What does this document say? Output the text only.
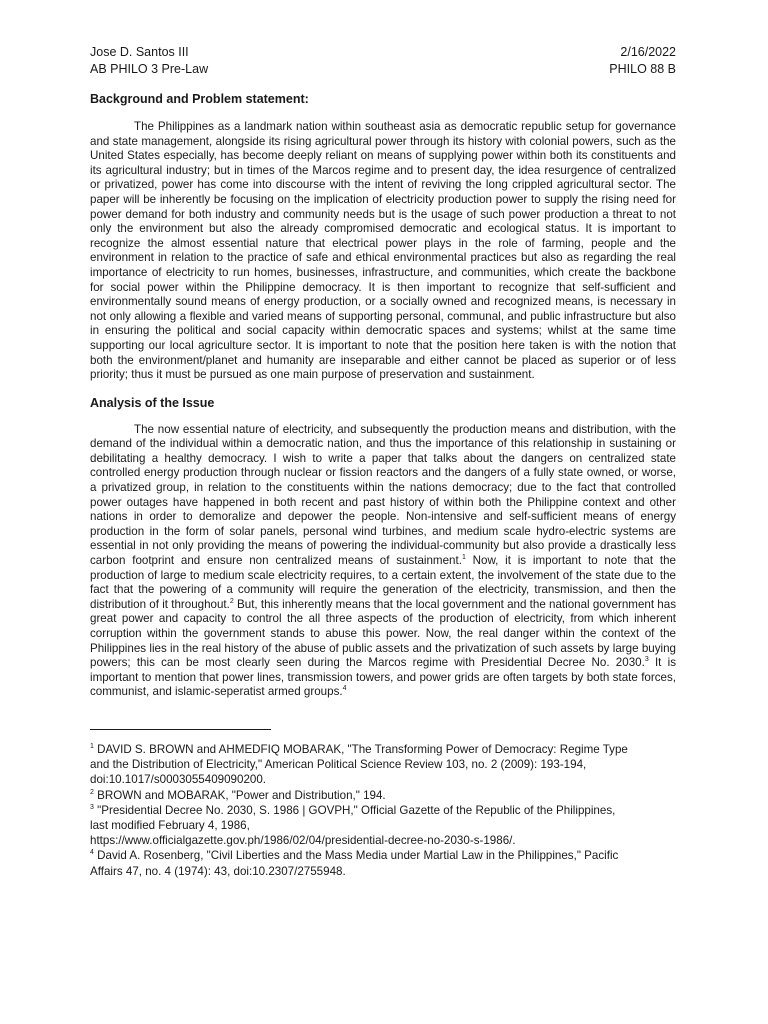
Jose D. Santos III	2/16/2022
AB PHILO 3 Pre-Law	PHILO 88 B

Background and Problem statement:

The Philippines as a landmark nation within southeast asia as democratic republic setup for governance and state management, alongside its rising agricultural power through its history with colonial powers, such as the United States especially, has become deeply reliant on means of supplying power within both its constituents and its agricultural industry; but in times of the Marcos regime and to present day, the idea resurgence of centralized or privatized, power has come into discourse with the intent of reviving the long crippled agricultural sector. The paper will be inherently be focusing on the implication of electricity production power to supply the rising need for power demand for both industry and community needs but is the usage of such power production a threat to not only the environment but also the already compromised democratic and ecological status. It is important to recognize the almost essential nature that electrical power plays in the role of farming, people and the environment in relation to the practice of safe and ethical environmental practices but also as regarding the real importance of electricity to run homes, businesses, infrastructure, and communities, which create the backbone for social power within the Philippine democracy. It is then important to recognize that self-sufficient and environmentally sound means of energy production, or a socially owned and recognized means, is necessary in not only allowing a flexible and varied means of supporting personal, communal, and public infrastructure but also in ensuring the political and social capacity within democratic spaces and systems; whilst at the same time supporting our local agriculture sector. It is important to note that the position here taken is with the notion that both the environment/planet and humanity are inseparable and either cannot be placed as superior or of less priority; thus it must be pursued as one main purpose of preservation and sustainment.

Analysis of the Issue

The now essential nature of electricity, and subsequently the production means and distribution, with the demand of the individual within a democratic nation, and thus the importance of this relationship in sustaining or debilitating a healthy democracy. I wish to write a paper that talks about the dangers on centralized state controlled energy production through nuclear or fission reactors and the dangers of a fully state owned, or worse, a privatized group, in relation to the constituents within the nations democracy; due to the fact that controlled power outages have happened in both recent and past history of within both the Philippine context and other nations in order to demoralize and depower the people. Non-intensive and self-sufficient means of energy production in the form of solar panels, personal wind turbines, and medium scale hydro-electric systems are essential in not only providing the means of powering the individual-community but also provide a drastically less carbon footprint and ensure non centralized means of sustainment.$^1$ Now, it is important to note that the production of large to medium scale electricity requires, to a certain extent, the involvement of the state due to the fact that the powering of a community will require the generation of the electricity, transmission, and then the distribution of it throughout.$^2$ But, this inherently means that the local government and the national government has great power and capacity to control the all three aspects of the production of electricity, from which inherent corruption within the government stands to abuse this power. Now, the real danger within the context of the Philippines lies in the real history of the abuse of public assets and the privatization of such assets by large buying powers; this can be most clearly seen during the Marcos regime with Presidential Decree No. 2030.$^3$ It is important to mention that power lines, transmission towers, and power grids are often targets by both state forces, communist, and islamic-seperatist armed groups.$^4$

$^1$ DAVID S. BROWN and AHMEDFIQ MOBARAK, "The Transforming Power of Democracy: Regime Type
and the Distribution of Electricity," American Political Science Review 103, no. 2 (2009): 193-194,
doi:10.1017/s0003055409090200.
$^2$ BROWN and MOBARAK, "Power and Distribution," 194.
$^3$ "Presidential Decree No. 2030, S. 1986 | GOVPH," Official Gazette of the Republic of the Philippines,
last modified February 4, 1986,
https://www.officialgazette.gov.ph/1986/02/04/presidential-decree-no-2030-s-1986/.
$^4$ David A. Rosenberg, "Civil Liberties and the Mass Media under Martial Law in the Philippines," Pacific
Affairs 47, no. 4 (1974): 43, doi:10.2307/2755948.
